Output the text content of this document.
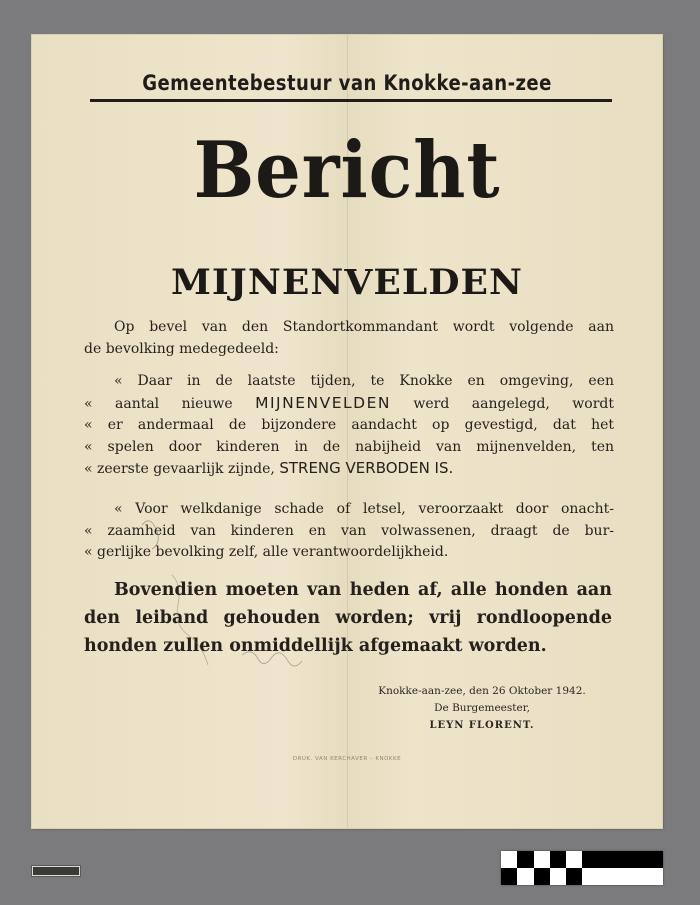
Gemeentebestuur van Knokke-aan-zee
Bericht
MIJNENVELDEN
Op bevel van den Standortkommandant wordt volgende aan
de bevolking medegedeeld:
« Daar in de laatste tijden, te Knokke en omgeving, een
« aantal nieuwe MIJNENVELDEN werd aangelegd, wordt
« er andermaal de bijzondere aandacht op gevestigd, dat het
« spelen door kinderen in de nabijheid van mijnenvelden, ten
« zeerste gevaarlijk zijnde, STRENG VERBODEN IS.
« Voor welkdanige schade of letsel, veroorzaakt door onacht-
« zaamheid van kinderen en van volwassenen, draagt de bur-
« gerlijke bevolking zelf, alle verantwoordelijkheid.
Bovendien moeten van heden af, alle honden aan
den leiband gehouden worden; vrij rondloopende
honden zullen onmiddellijk afgemaakt worden.
Knokke-aan-zee, den 26 Oktober 1942.
De Burgemeester,
LEYN FLORENT.
DRUK. VAN KERCHAVER – KNOKKE
